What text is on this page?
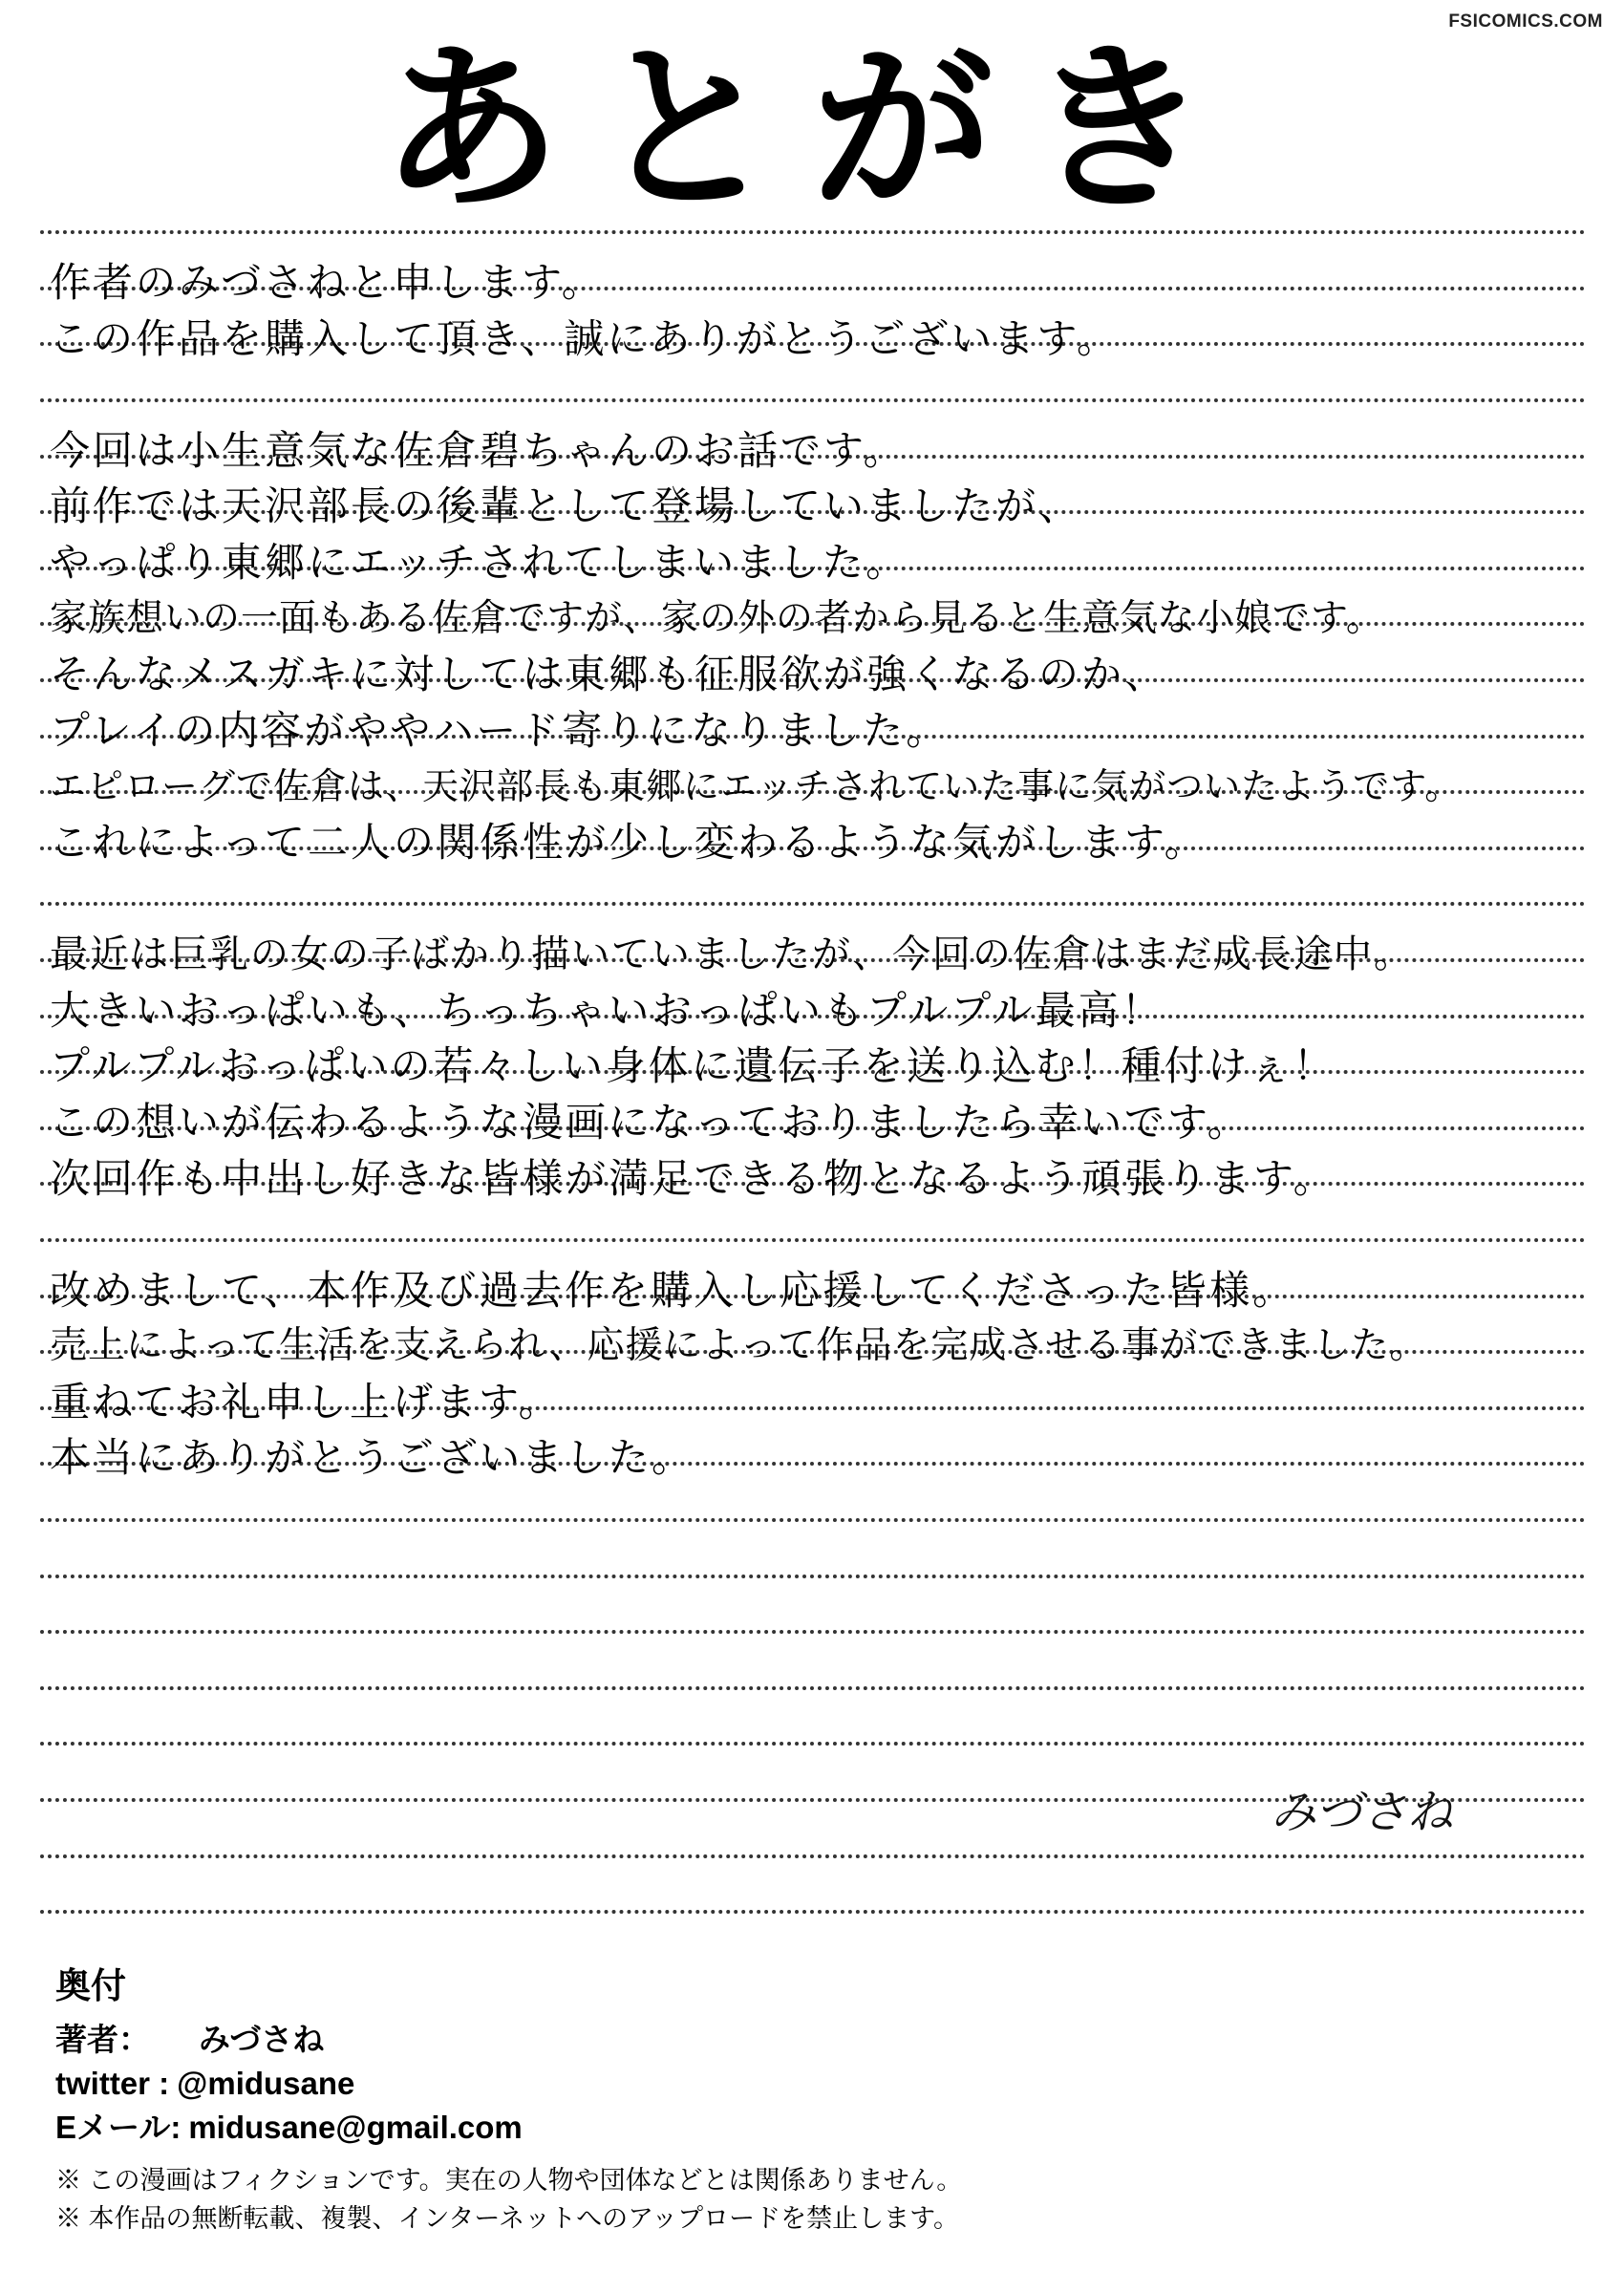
FSICOMICS.COM
あとがき
作者のみづさねと申します。
この作品を購入して頂き、誠にありがとうございます。
今回は小生意気な佐倉碧ちゃんのお話です。
前作では天沢部長の後輩として登場していましたが、
やっぱり東郷にエッチされてしまいました。
家族想いの一面もある佐倉ですが、家の外の者から見ると生意気な小娘です。
そんなメスガキに対しては東郷も征服欲が強くなるのか、
プレイの内容がややハード寄りになりました。
エピローグで佐倉は、天沢部長も東郷にエッチされていた事に気がついたようです。
これによって二人の関係性が少し変わるような気がします。
最近は巨乳の女の子ばかり描いていましたが、今回の佐倉はまだ成長途中。
大きいおっぱいも、ちっちゃいおっぱいもプルプル最高！
プルプルおっぱいの若々しい身体に遺伝子を送り込む！種付けぇ！
この想いが伝わるような漫画になっておりましたら幸いです。
次回作も中出し好きな皆様が満足できる物となるよう頑張ります。
改めまして、本作及び過去作を購入し応援してくださった皆様。
売上によって生活を支えられ、応援によって作品を完成させる事ができました。
重ねてお礼申し上げます。
本当にありがとうございました。
みづさね
奥付
著者： みづさね
twitter : @midusane
Eメール: midusane@gmail.com
※ この漫画はフィクションです。実在の人物や団体などとは関係ありません。
※ 本作品の無断転載、複製、インターネットへのアップロードを禁止します。
